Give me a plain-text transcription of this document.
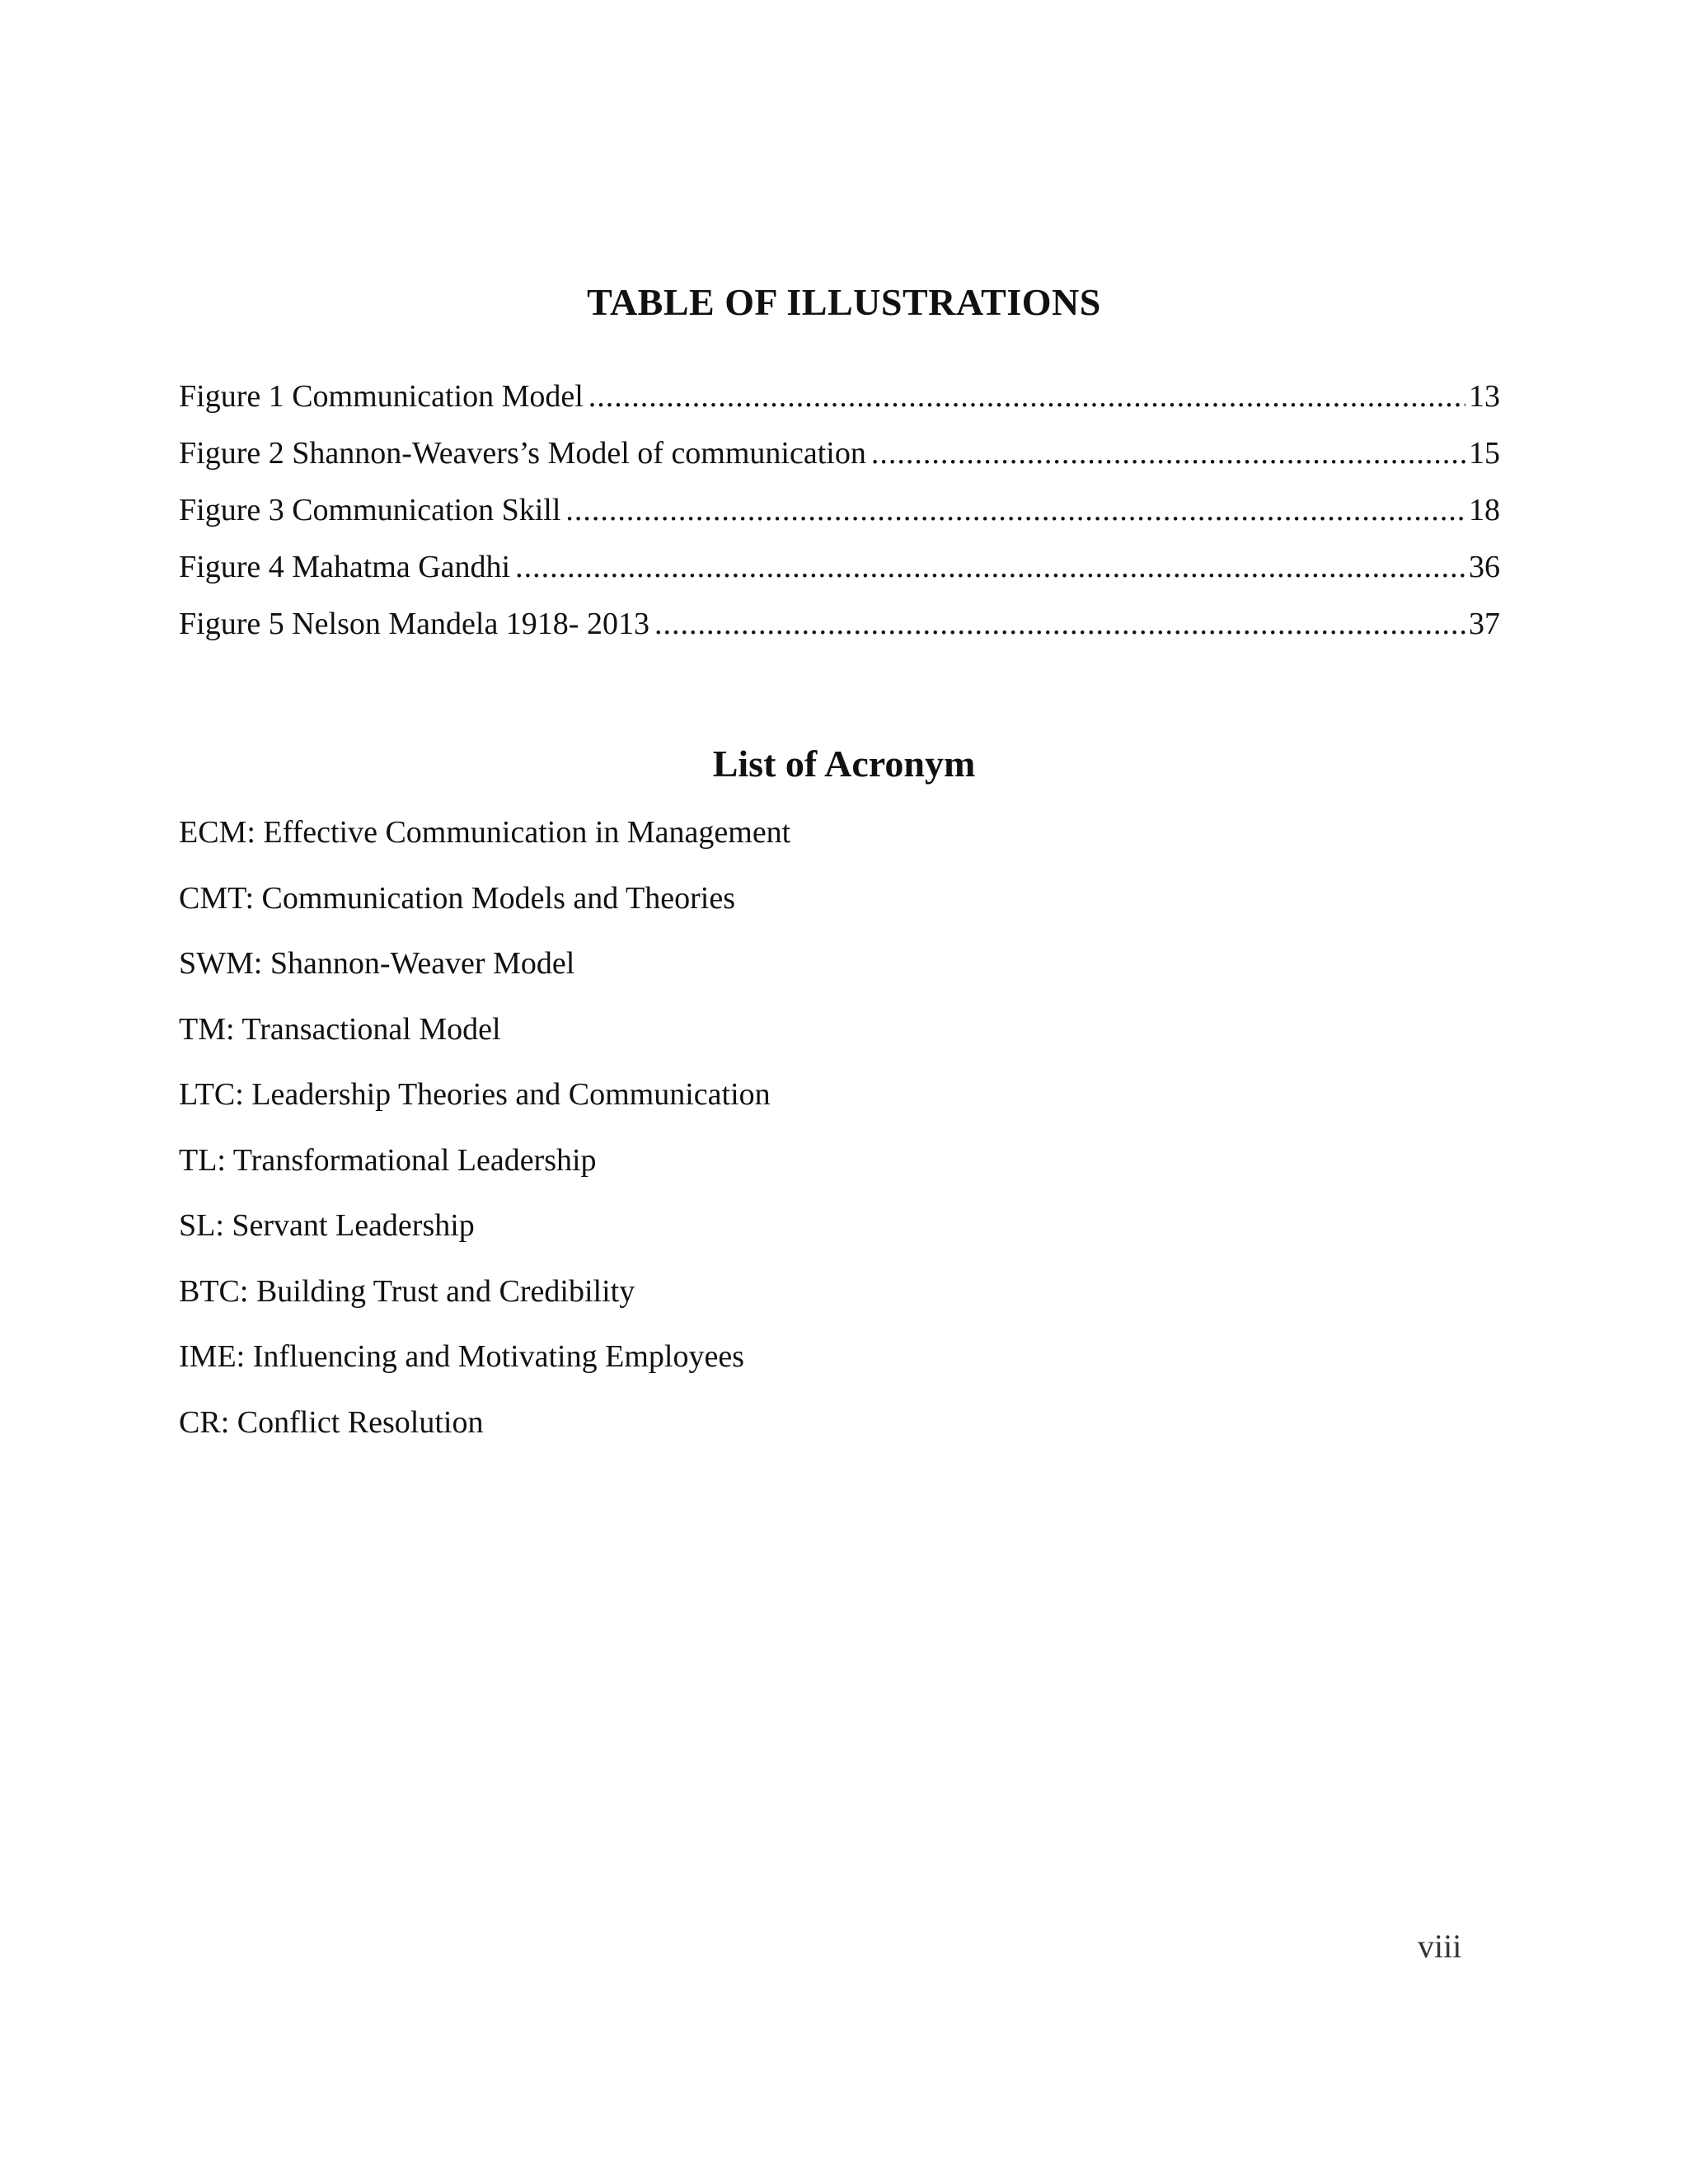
TABLE OF ILLUSTRATIONS
Figure 1 Communication Model .....	13
Figure 2 Shannon-Weavers’s Model of communication .....	15
Figure 3 Communication Skill .....	18
Figure 4 Mahatma Gandhi .....	36
Figure 5 Nelson Mandela 1918- 2013 .....	37
List of Acronym
ECM: Effective Communication in Management
CMT: Communication Models and Theories
SWM: Shannon-Weaver Model
TM: Transactional Model
LTC: Leadership Theories and Communication
TL: Transformational Leadership
SL: Servant Leadership
BTC: Building Trust and Credibility
IME: Influencing and Motivating Employees
CR: Conflict Resolution
viii
